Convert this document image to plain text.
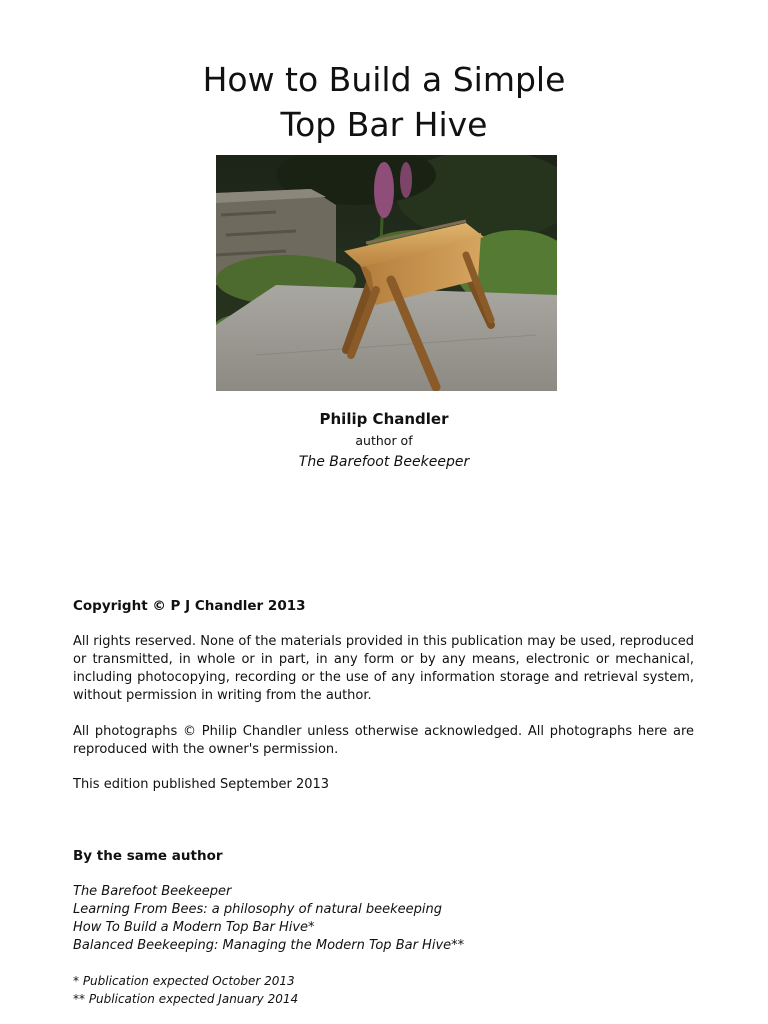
How to Build a Simple
Top Bar Hive
Philip Chandler
author of
The Barefoot Beekeeper
Copyright © P J Chandler 2013
All rights reserved. None of the materials provided in this publication may be used, reproduced or transmitted, in whole or in part, in any form or by any means, electronic or mechanical, including photocopying, recording or the use of any information storage and retrieval system, without permission in writing from the author.
All photographs © Philip Chandler unless otherwise acknowledged. All photographs here are reproduced with the owner's permission.
This edition published September 2013
By the same author
The Barefoot Beekeeper
Learning From Bees: a philosophy of natural beekeeping
How To Build a Modern Top Bar Hive*
Balanced Beekeeping: Managing the Modern Top Bar Hive**
* Publication expected October 2013
** Publication expected January 2014
